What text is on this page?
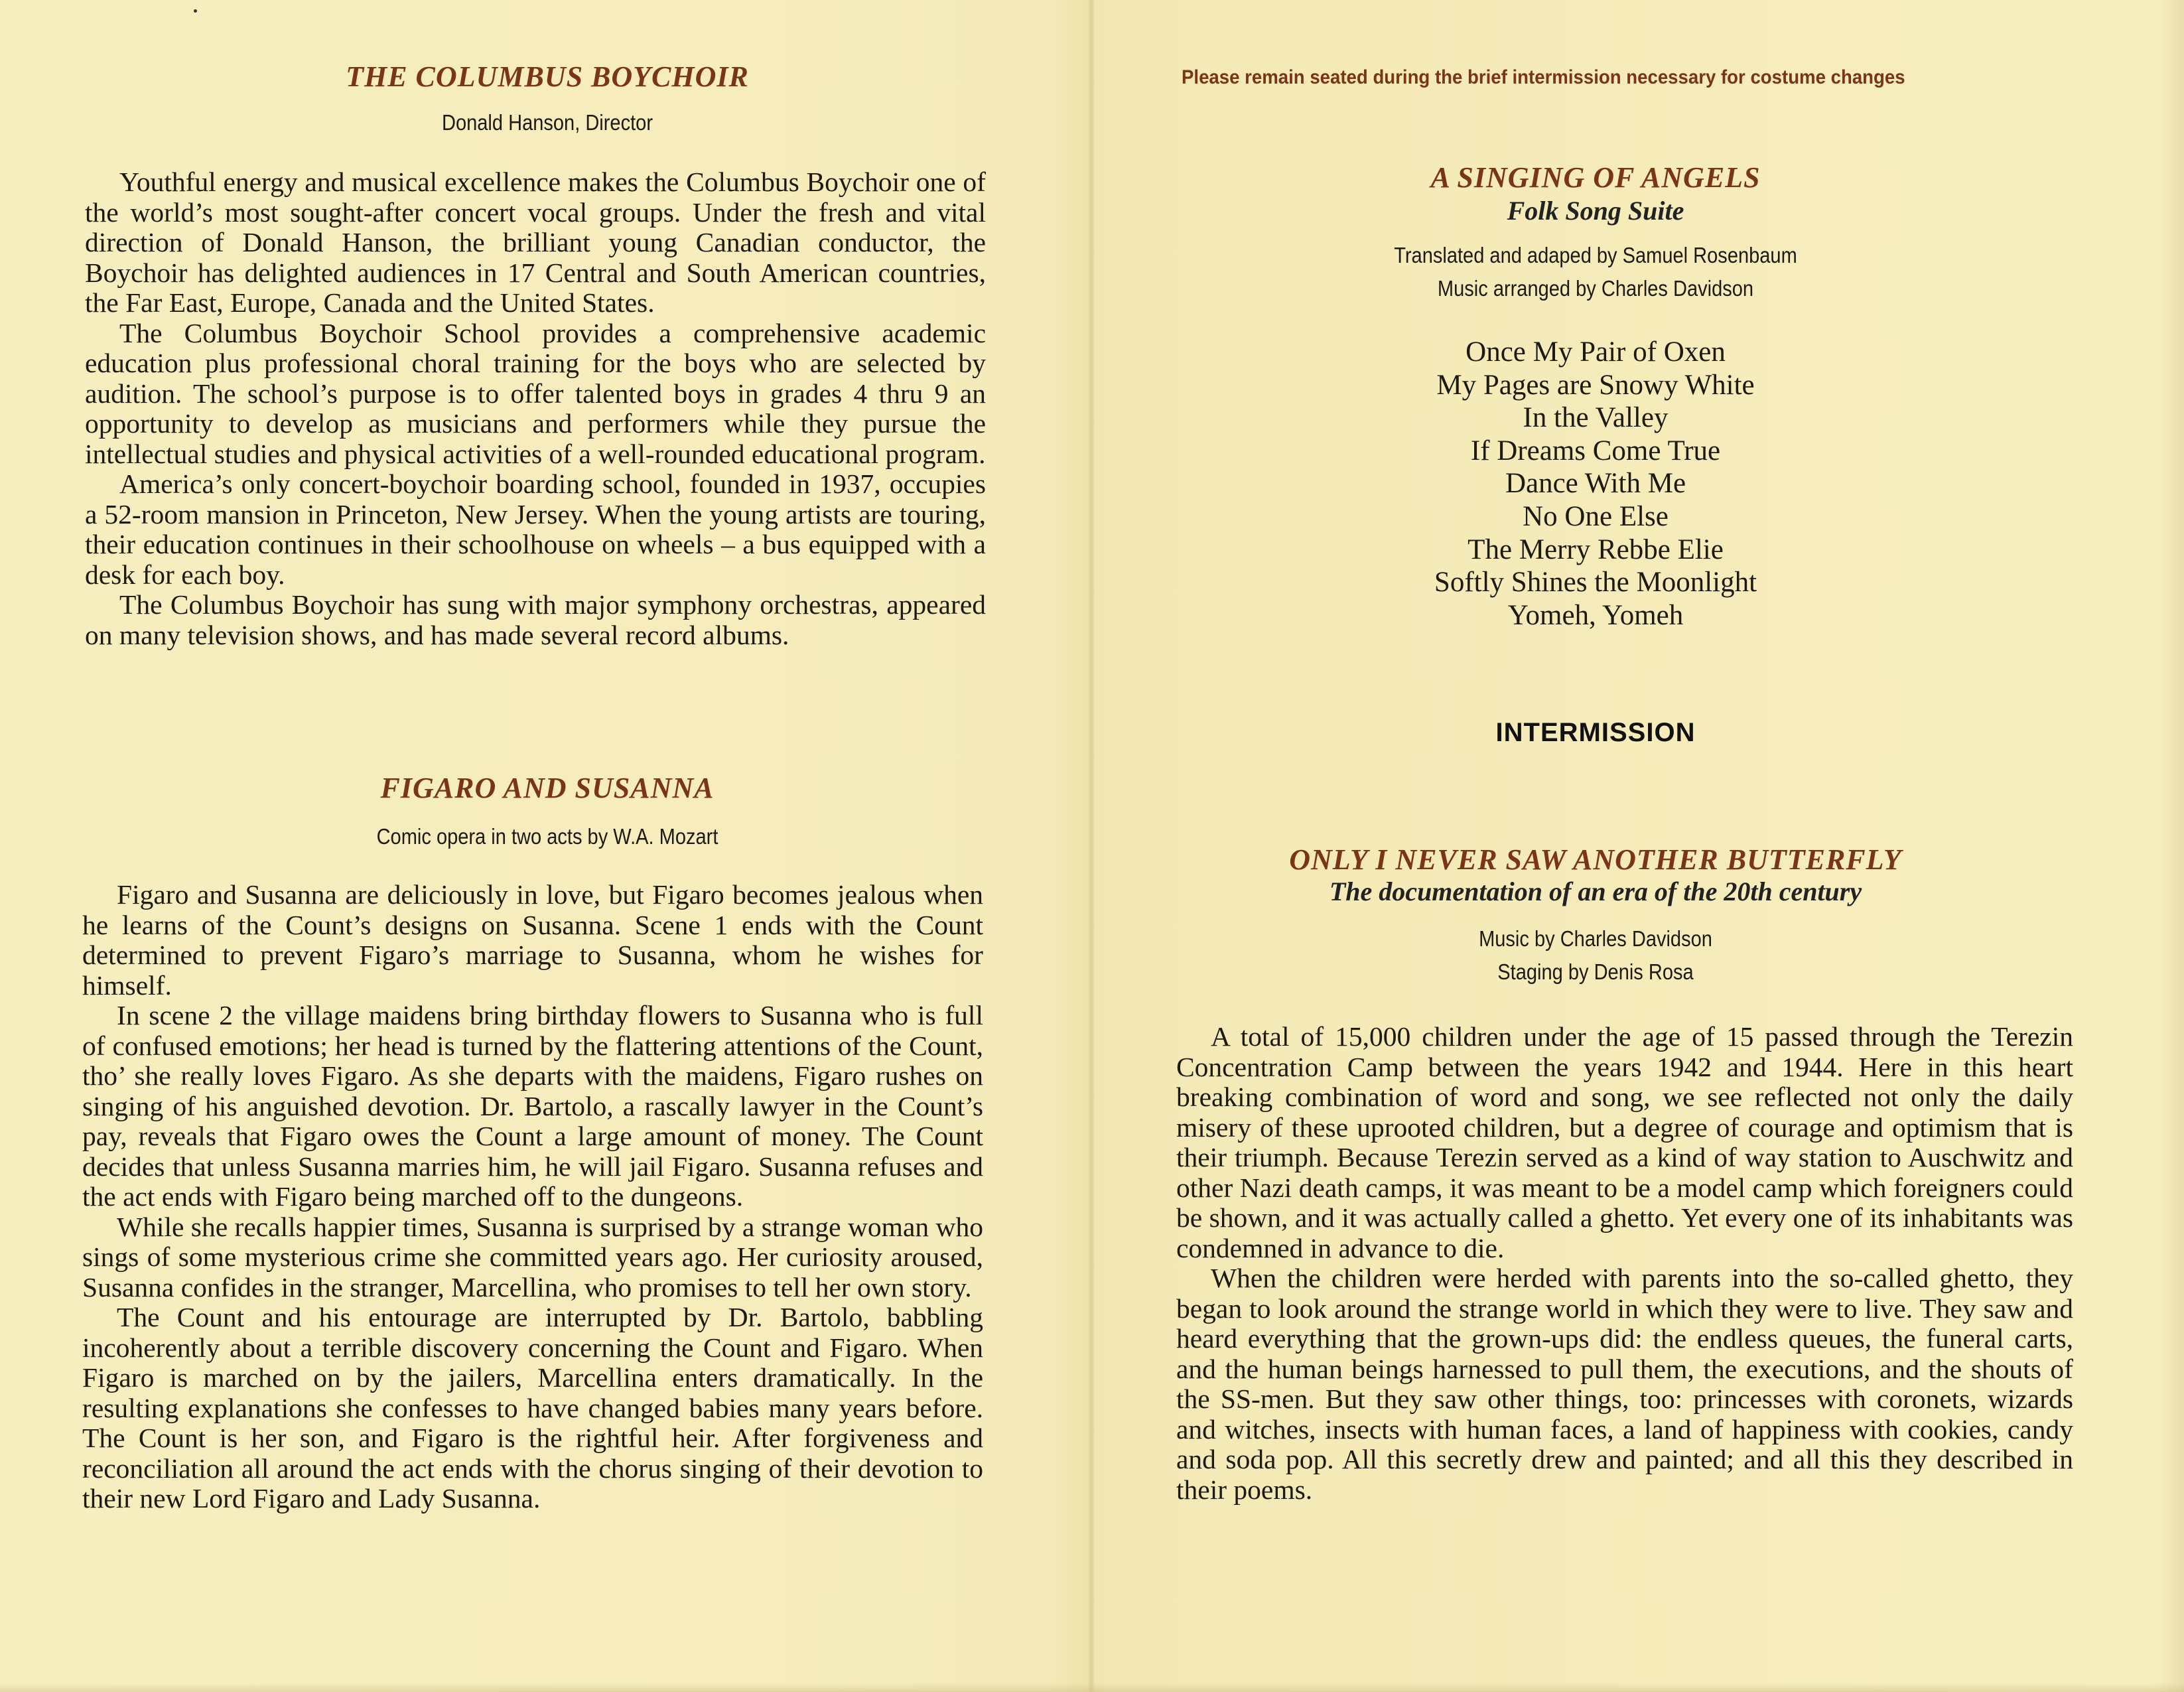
THE COLUMBUS BOYCHOIR
Donald Hanson, Director

Youthful energy and musical excellence makes the Columbus Boychoir one of the world’s most sought-after concert vocal groups. Under the fresh and vital direction of Donald Hanson, the brilliant young Canadian conductor, the Boychoir has delighted audiences in 17 Central and South American countries, the Far East, Europe, Canada and the United States.

The Columbus Boychoir School provides a comprehensive academic education plus professional choral training for the boys who are selected by audition. The school’s purpose is to offer talented boys in grades 4 thru 9 an opportunity to develop as musicians and performers while they pursue the intellectual studies and physical activities of a well-rounded educational program.

America’s only concert-boychoir boarding school, founded in 1937, occupies a 52-room mansion in Princeton, New Jersey. When the young artists are touring, their education continues in their schoolhouse on wheels – a bus equipped with a desk for each boy.

The Columbus Boychoir has sung with major symphony orchestras, appeared on many television shows, and has made several record albums.

FIGARO AND SUSANNA
Comic opera in two acts by W.A. Mozart

Figaro and Susanna are deliciously in love, but Figaro becomes jealous when he learns of the Count’s designs on Susanna. Scene 1 ends with the Count determined to prevent Figaro’s marriage to Susanna, whom he wishes for himself.

In scene 2 the village maidens bring birthday flowers to Susanna who is full of confused emotions; her head is turned by the flattering attentions of the Count, tho’ she really loves Figaro. As she departs with the maidens, Figaro rushes on singing of his anguished devotion. Dr. Bartolo, a rascally lawyer in the Count’s pay, reveals that Figaro owes the Count a large amount of money. The Count decides that unless Susanna marries him, he will jail Figaro. Susanna refuses and the act ends with Figaro being marched off to the dungeons.

While she recalls happier times, Susanna is surprised by a strange woman who sings of some mysterious crime she committed years ago. Her curiosity aroused, Susanna confides in the stranger, Marcellina, who promises to tell her own story.

The Count and his entourage are interrupted by Dr. Bartolo, babbling incoherently about a terrible discovery concerning the Count and Figaro. When Figaro is marched on by the jailers, Marcellina enters dramatically. In the resulting explanations she confesses to have changed babies many years before. The Count is her son, and Figaro is the rightful heir. After forgiveness and reconciliation all around the act ends with the chorus singing of their devotion to their new Lord Figaro and Lady Susanna.

Please remain seated during the brief intermission necessary for costume changes
A SINGING OF ANGELS
Folk Song Suite
Translated and adaped by Samuel Rosenbaum
Music arranged by Charles Davidson
Once My Pair of Oxen
My Pages are Snowy White
In the Valley
If Dreams Come True
Dance With Me
No One Else
The Merry Rebbe Elie
Softly Shines the Moonlight
Yomeh, Yomeh
INTERMISSION
ONLY I NEVER SAW ANOTHER BUTTERFLY
The documentation of an era of the 20th century
Music by Charles Davidson
Staging by Denis Rosa

A total of 15,000 children under the age of 15 passed through the Terezin Concentration Camp between the years 1942 and 1944. Here in this heart breaking combination of word and song, we see reflected not only the daily misery of these uprooted children, but a degree of courage and optimism that is their triumph. Because Terezin served as a kind of way station to Auschwitz and other Nazi death camps, it was meant to be a model camp which foreigners could be shown, and it was actually called a ghetto. Yet every one of its inhabitants was condemned in advance to die.

When the children were herded with parents into the so-called ghetto, they began to look around the strange world in which they were to live. They saw and heard everything that the grown-ups did: the endless queues, the funeral carts, and the human beings harnessed to pull them, the executions, and the shouts of the SS-men. But they saw other things, too: princesses with coronets, wizards and witches, insects with human faces, a land of happiness with cookies, candy and soda pop. All this secretly drew and painted; and all this they described in their poems.
